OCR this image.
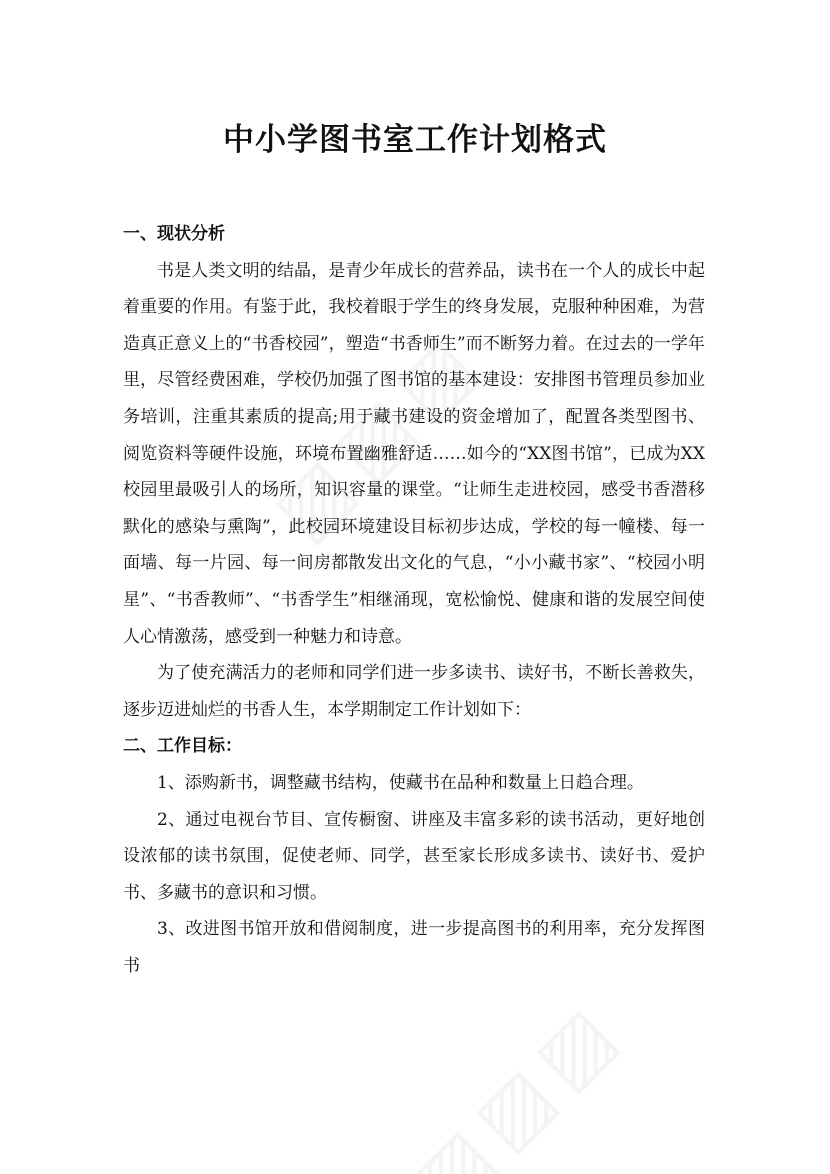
中小学图书室工作计划格式

一、现状分析

书是人类文明的结晶，是青少年成长的营养品，读书在一个人的成长中起着重要的作用。有鉴于此，我校着眼于学生的终身发展，克服种种困难，为营造真正意义上的“书香校园”，塑造“书香师生”而不断努力着。在过去的一学年里，尽管经费困难，学校仍加强了图书馆的基本建设：安排图书管理员参加业务培训，注重其素质的提高;用于藏书建设的资金增加了，配置各类型图书、阅览资料等硬件设施，环境布置幽雅舒适……如今的“XX图书馆”，已成为XX校园里最吸引人的场所，知识容量的课堂。“让师生走进校园，感受书香潜移默化的感染与熏陶”，此校园环境建设目标初步达成，学校的每一幢楼、每一面墙、每一片园、每一间房都散发出文化的气息，“小小藏书家”、“校园小明星”、“书香教师”、“书香学生”相继涌现，宽松愉悦、健康和谐的发展空间使人心情激荡，感受到一种魅力和诗意。

为了使充满活力的老师和同学们进一步多读书、读好书，不断长善救失，逐步迈进灿烂的书香人生，本学期制定工作计划如下：

二、工作目标：

1、添购新书，调整藏书结构，使藏书在品种和数量上日趋合理。

2、通过电视台节目、宣传橱窗、讲座及丰富多彩的读书活动，更好地创设浓郁的读书氛围，促使老师、同学，甚至家长形成多读书、读好书、爱护书、多藏书的意识和习惯。

3、改进图书馆开放和借阅制度，进一步提高图书的利用率，充分发挥图书
